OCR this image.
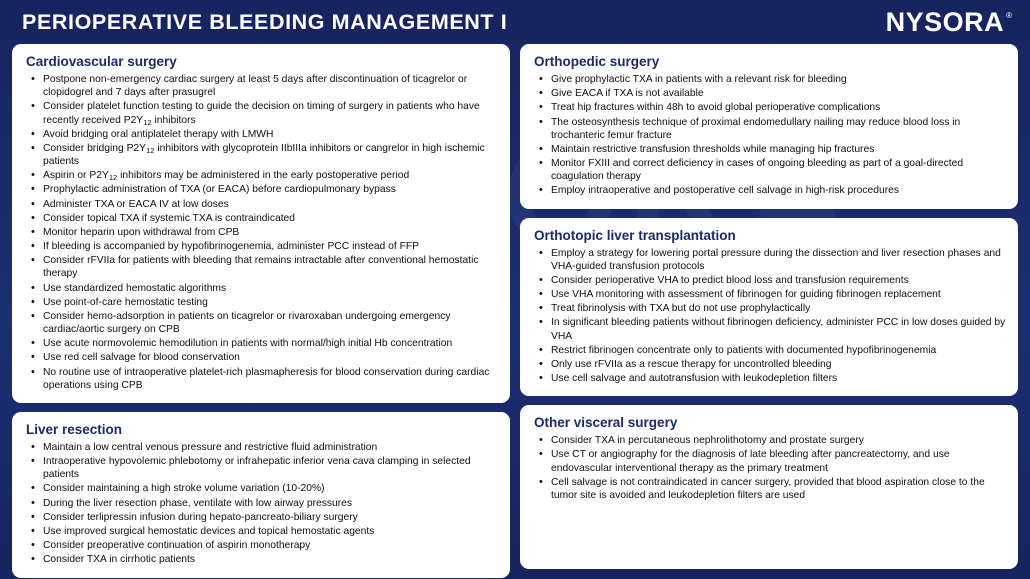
PERIOPERATIVE BLEEDING MANAGEMENT I	NYSORA ®
Cardiovascular surgery
• Postpone non-emergency cardiac surgery at least 5 days after discontinuation of ticagrelor or clopidogrel and 7 days after prasugrel
• Consider platelet function testing to guide the decision on timing of surgery in patients who have recently received $P2Y_{12}$ inhibitors
• Avoid bridging oral antiplatelet therapy with LMWH
• Consider bridging $P2Y_{12}$ inhibitors with glycoprotein IIbIIIa inhibitors or cangrelor in high ischemic patients
• Aspirin or $P2Y_{12}$ inhibitors may be administered in the early postoperative period
• Prophylactic administration of TXA (or EACA) before cardiopulmonary bypass
• Administer TXA or EACA IV at low doses
• Consider topical TXA if systemic TXA is contraindicated
• Monitor heparin upon withdrawal from CPB
• If bleeding is accompanied by hypofibrinogenemia, administer PCC instead of FFP
• Consider rFVIIa for patients with bleeding that remains intractable after conventional hemostatic therapy
• Use standardized hemostatic algorithms
• Use point-of-care hemostatic testing
• Consider hemo-adsorption in patients on ticagrelor or rivaroxaban undergoing emergency cardiac/aortic surgery on CPB
• Use acute normovolemic hemodilution in patients with normal/high initial Hb concentration
• Use red cell salvage for blood conservation
• No routine use of intraoperative platelet-rich plasmapheresis for blood conservation during cardiac operations using CPB
Liver resection
• Maintain a low central venous pressure and restrictive fluid administration
• Intraoperative hypovolemic phlebotomy or infrahepatic inferior vena cava clamping in selected patients
• Consider maintaining a high stroke volume variation (10-20%)
• During the liver resection phase, ventilate with low airway pressures
• Consider terlipressin infusion during hepato-pancreato-biliary surgery
• Use improved surgical hemostatic devices and topical hemostatic agents
• Consider preoperative continuation of aspirin monotherapy
• Consider TXA in cirrhotic patients
Orthopedic surgery
• Give prophylactic TXA in patients with a relevant risk for bleeding
• Give EACA if TXA is not available
• Treat hip fractures within 48h to avoid global perioperative complications
• The osteosynthesis technique of proximal endomedullary nailing may reduce blood loss in trochanteric femur fracture
• Maintain restrictive transfusion thresholds while managing hip fractures
• Monitor FXIII and correct deficiency in cases of ongoing bleeding as part of a goal-directed coagulation therapy
• Employ intraoperative and postoperative cell salvage in high-risk procedures
Orthotopic liver transplantation
• Employ a strategy for lowering portal pressure during the dissection and liver resection phases and VHA-guided transfusion protocols
• Consider perioperative VHA to predict blood loss and transfusion requirements
• Use VHA monitoring with assessment of fibrinogen for guiding fibrinogen replacement
• Treat fibrinolysis with TXA but do not use prophylactically
• In significant bleeding patients without fibrinogen deficiency, administer PCC in low doses guided by VHA
• Restrict fibrinogen concentrate only to patients with documented hypofibrinogenemia
• Only use rFVIIa as a rescue therapy for uncontrolled bleeding
• Use cell salvage and autotransfusion with leukodepletion filters
Other visceral surgery
• Consider TXA in percutaneous nephrolithotomy and prostate surgery
• Use CT or angiography for the diagnosis of late bleeding after pancreatectomy, and use endovascular interventional therapy as the primary treatment
• Cell salvage is not contraindicated in cancer surgery, provided that blood aspiration close to the tumor site is avoided and leukodepletion filters are used
